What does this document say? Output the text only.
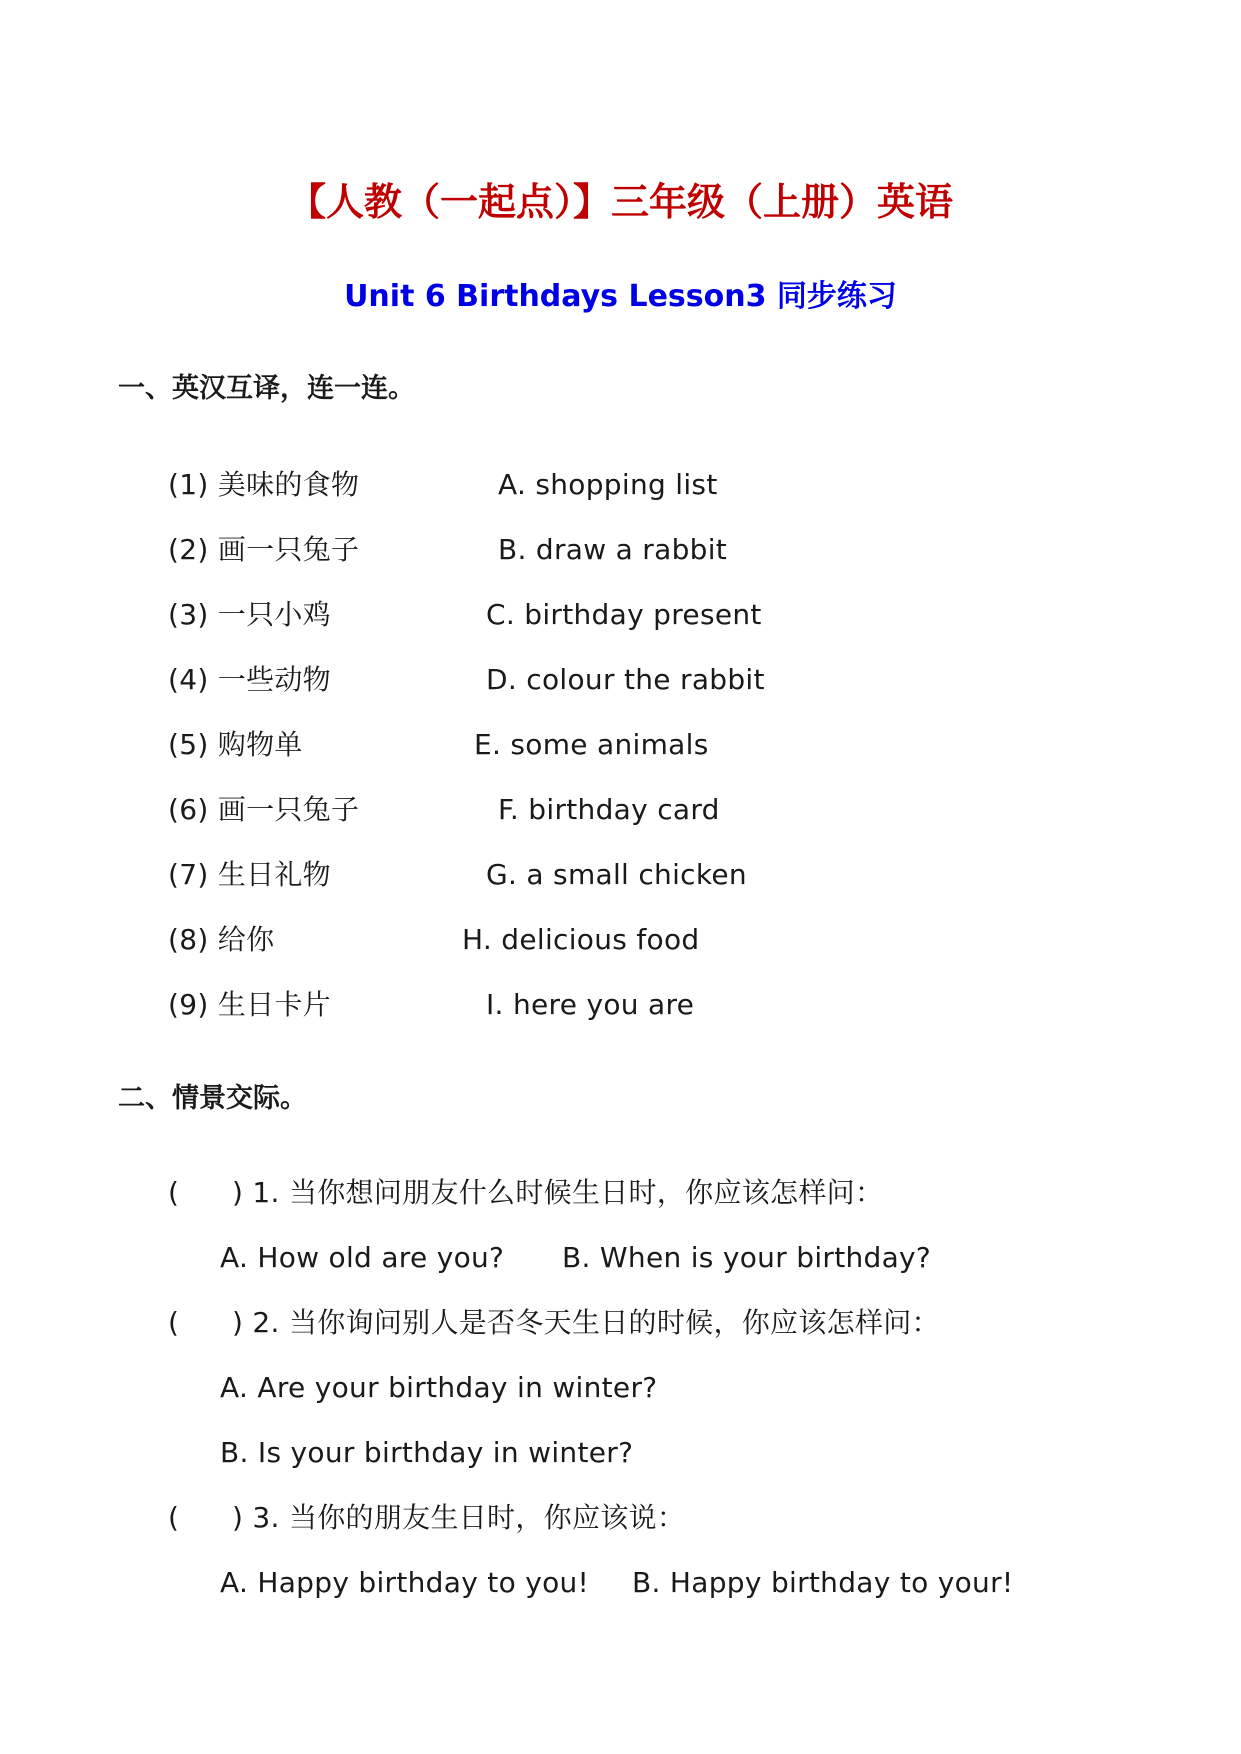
【人教（一起点）】三年级（上册）英语
Unit 6 Birthdays Lesson3 同步练习
一、英汉互译，连一连。
(1) 美味的食物	A. shopping list
(2) 画一只兔子	B. draw a rabbit
(3) 一只小鸡	C. birthday present
(4) 一些动物	D. colour the rabbit
(5) 购物单	E. some animals
(6) 画一只兔子	F. birthday card
(7) 生日礼物	G. a small chicken
(8) 给你	H. delicious food
(9) 生日卡片	I. here you are
二、情景交际。
( ) 1. 当你想问朋友什么时候生日时，你应该怎样问：
A. How old are you? B. When is your birthday?
( ) 2. 当你询问别人是否冬天生日的时候，你应该怎样问：
A. Are your birthday in winter?
B. Is your birthday in winter?
( ) 3. 当你的朋友生日时，你应该说：
A. Happy birthday to you! B. Happy birthday to your!
